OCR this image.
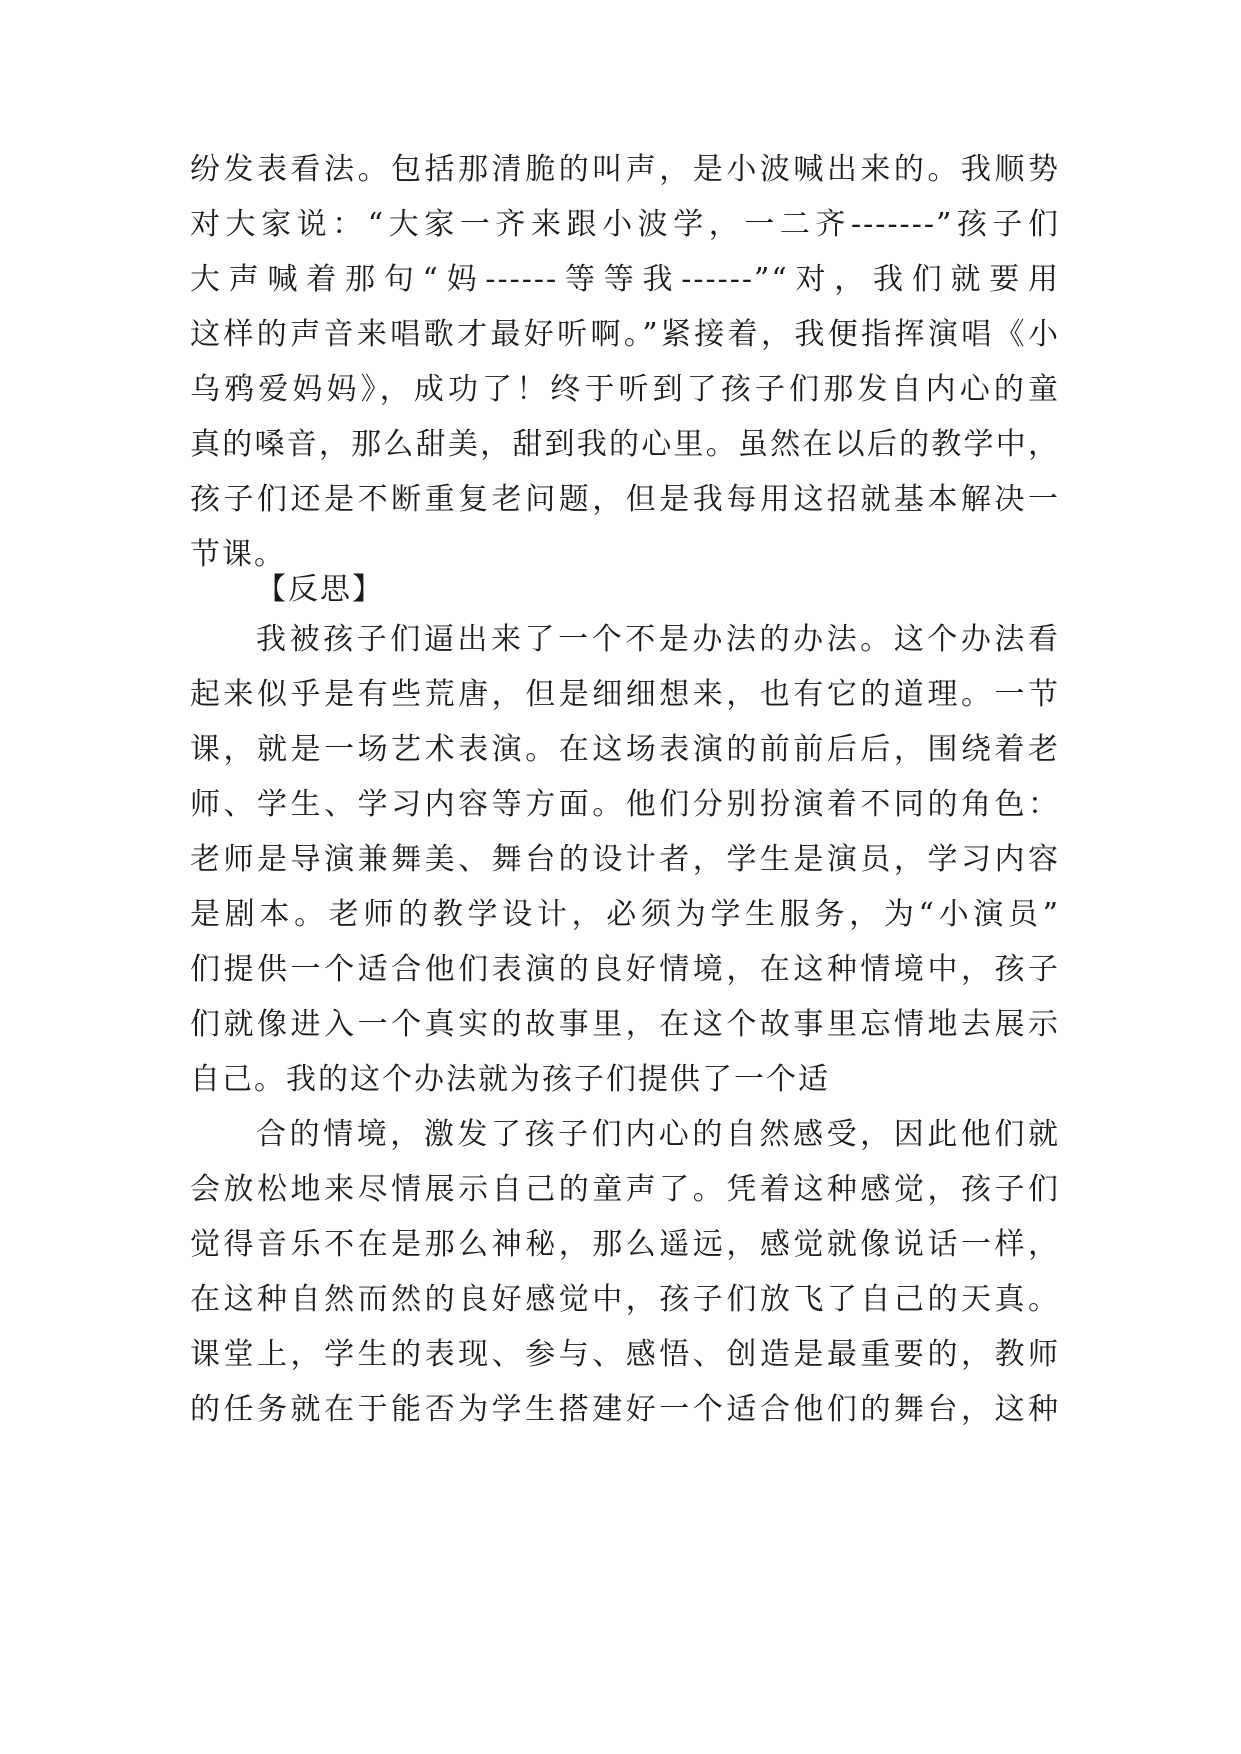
纷发表看法。包括那清脆的叫声，是小波喊出来的。我顺势
对大家说：“大家一齐来跟小波学，一二齐-------”孩子们
大声喊着那句“妈------等等我------”“对，我们就要用
这样的声音来唱歌才最好听啊。”紧接着，我便指挥演唱《小
乌鸦爱妈妈》，成功了！终于听到了孩子们那发自内心的童
真的嗓音，那么甜美，甜到我的心里。虽然在以后的教学中，
孩子们还是不断重复老问题，但是我每用这招就基本解决一
节课。
【反思】
我被孩子们逼出来了一个不是办法的办法。这个办法看
起来似乎是有些荒唐，但是细细想来，也有它的道理。一节
课，就是一场艺术表演。在这场表演的前前后后，围绕着老
师、学生、学习内容等方面。他们分别扮演着不同的角色：
老师是导演兼舞美、舞台的设计者，学生是演员，学习内容
是剧本。老师的教学设计，必须为学生服务，为“小演员”
们提供一个适合他们表演的良好情境，在这种情境中，孩子
们就像进入一个真实的故事里，在这个故事里忘情地去展示
自己。我的这个办法就为孩子们提供了一个适
合的情境，激发了孩子们内心的自然感受，因此他们就
会放松地来尽情展示自己的童声了。凭着这种感觉，孩子们
觉得音乐不在是那么神秘，那么遥远，感觉就像说话一样，
在这种自然而然的良好感觉中，孩子们放飞了自己的天真。
课堂上，学生的表现、参与、感悟、创造是最重要的，教师
的任务就在于能否为学生搭建好一个适合他们的舞台，这种
